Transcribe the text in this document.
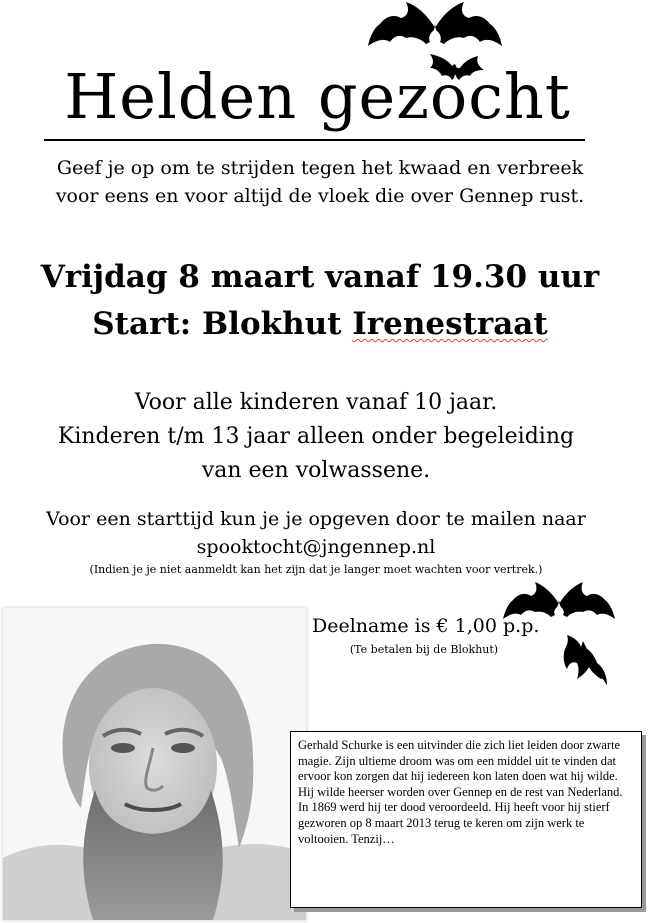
Helden gezocht
Geef je op om te strijden tegen het kwaad en verbreek
voor eens en voor altijd de vloek die over Gennep rust.
Vrijdag 8 maart vanaf 19.30 uur
Start: Blokhut Irenestraat
Voor alle kinderen vanaf 10 jaar.
Kinderen t/m 13 jaar alleen onder begeleiding
van een volwassene.
Voor een starttijd kun je je opgeven door te mailen naar
spooktocht@jngennep.nl
(Indien je je niet aanmeldt kan het zijn dat je langer moet wachten voor vertrek.)
Deelname is € 1,00 p.p.
(Te betalen bij de Blokhut)
Gerhald Schurke is een uitvinder die zich liet leiden door zwarte magie. Zijn ultieme droom was om een middel uit te vinden dat ervoor kon zorgen dat hij iedereen kon laten doen wat hij wilde. Hij wilde heerser worden over Gennep en de rest van Nederland. In 1869 werd hij ter dood veroordeeld. Hij heeft voor hij stierf gezworen op 8 maart 2013 terug te keren om zijn werk te voltooien. Tenzij…
